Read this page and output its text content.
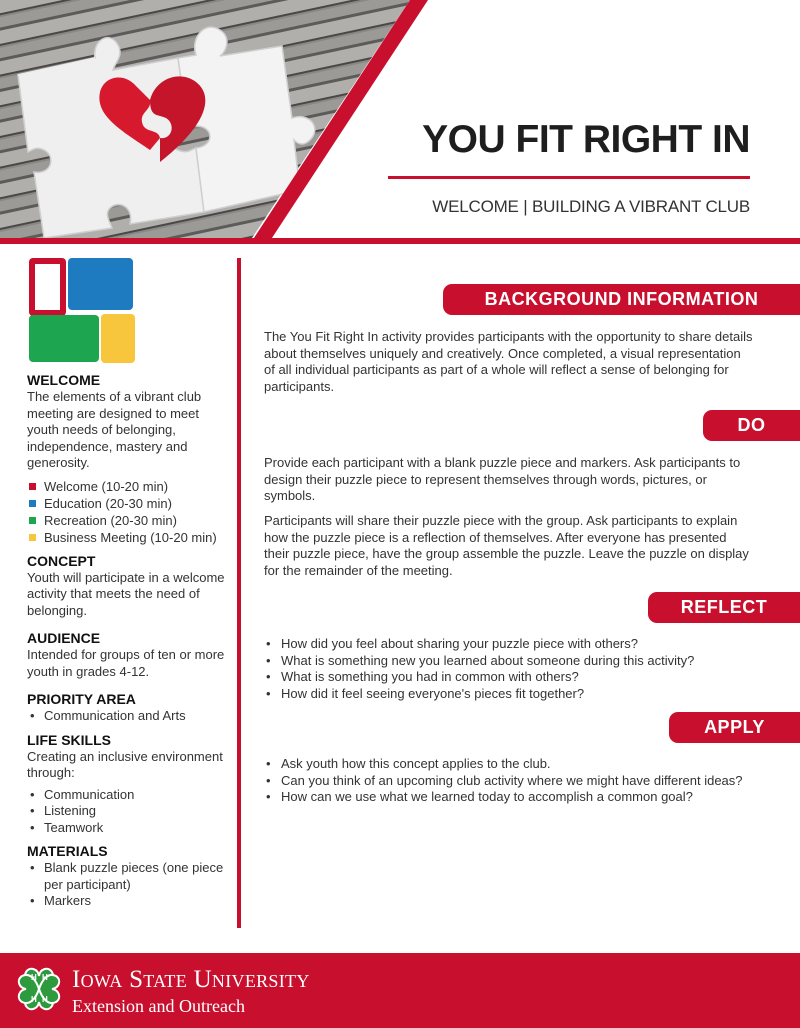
YOU FIT RIGHT IN
WELCOME | BUILDING A VIBRANT CLUB
WELCOME
The elements of a vibrant club meeting are designed to meet youth needs of belonging, independence, mastery and generosity.
Welcome (10-20 min)
Education (20-30 min)
Recreation (20-30 min)
Business Meeting (10-20 min)
CONCEPT
Youth will participate in a welcome activity that meets the need of belonging.
AUDIENCE
Intended for groups of ten or more youth in grades 4-12.
PRIORITY AREA
• Communication and Arts
LIFE SKILLS
Creating an inclusive environment through:
• Communication
• Listening
• Teamwork
MATERIALS
• Blank puzzle pieces (one piece per participant)
• Markers
BACKGROUND INFORMATION
The You Fit Right In activity provides participants with the opportunity to share details about themselves uniquely and creatively. Once completed, a visual representation of all individual participants as part of a whole will reflect a sense of belonging for participants.
DO
Provide each participant with a blank puzzle piece and markers. Ask participants to design their puzzle piece to represent themselves through words, pictures, or symbols.
Participants will share their puzzle piece with the group. Ask participants to explain how the puzzle piece is a reflection of themselves. After everyone has presented their puzzle piece, have the group assemble the puzzle. Leave the puzzle on display for the remainder of the meeting.
REFLECT
• How did you feel about sharing your puzzle piece with others?
• What is something new you learned about someone during this activity?
• What is something you had in common with others?
• How did it feel seeing everyone's pieces fit together?
APPLY
• Ask youth how this concept applies to the club.
• Can you think of an upcoming club activity where we might have different ideas?
• How can we use what we learned today to accomplish a common goal?
H H
H H
Iowa State University
Extension and Outreach
